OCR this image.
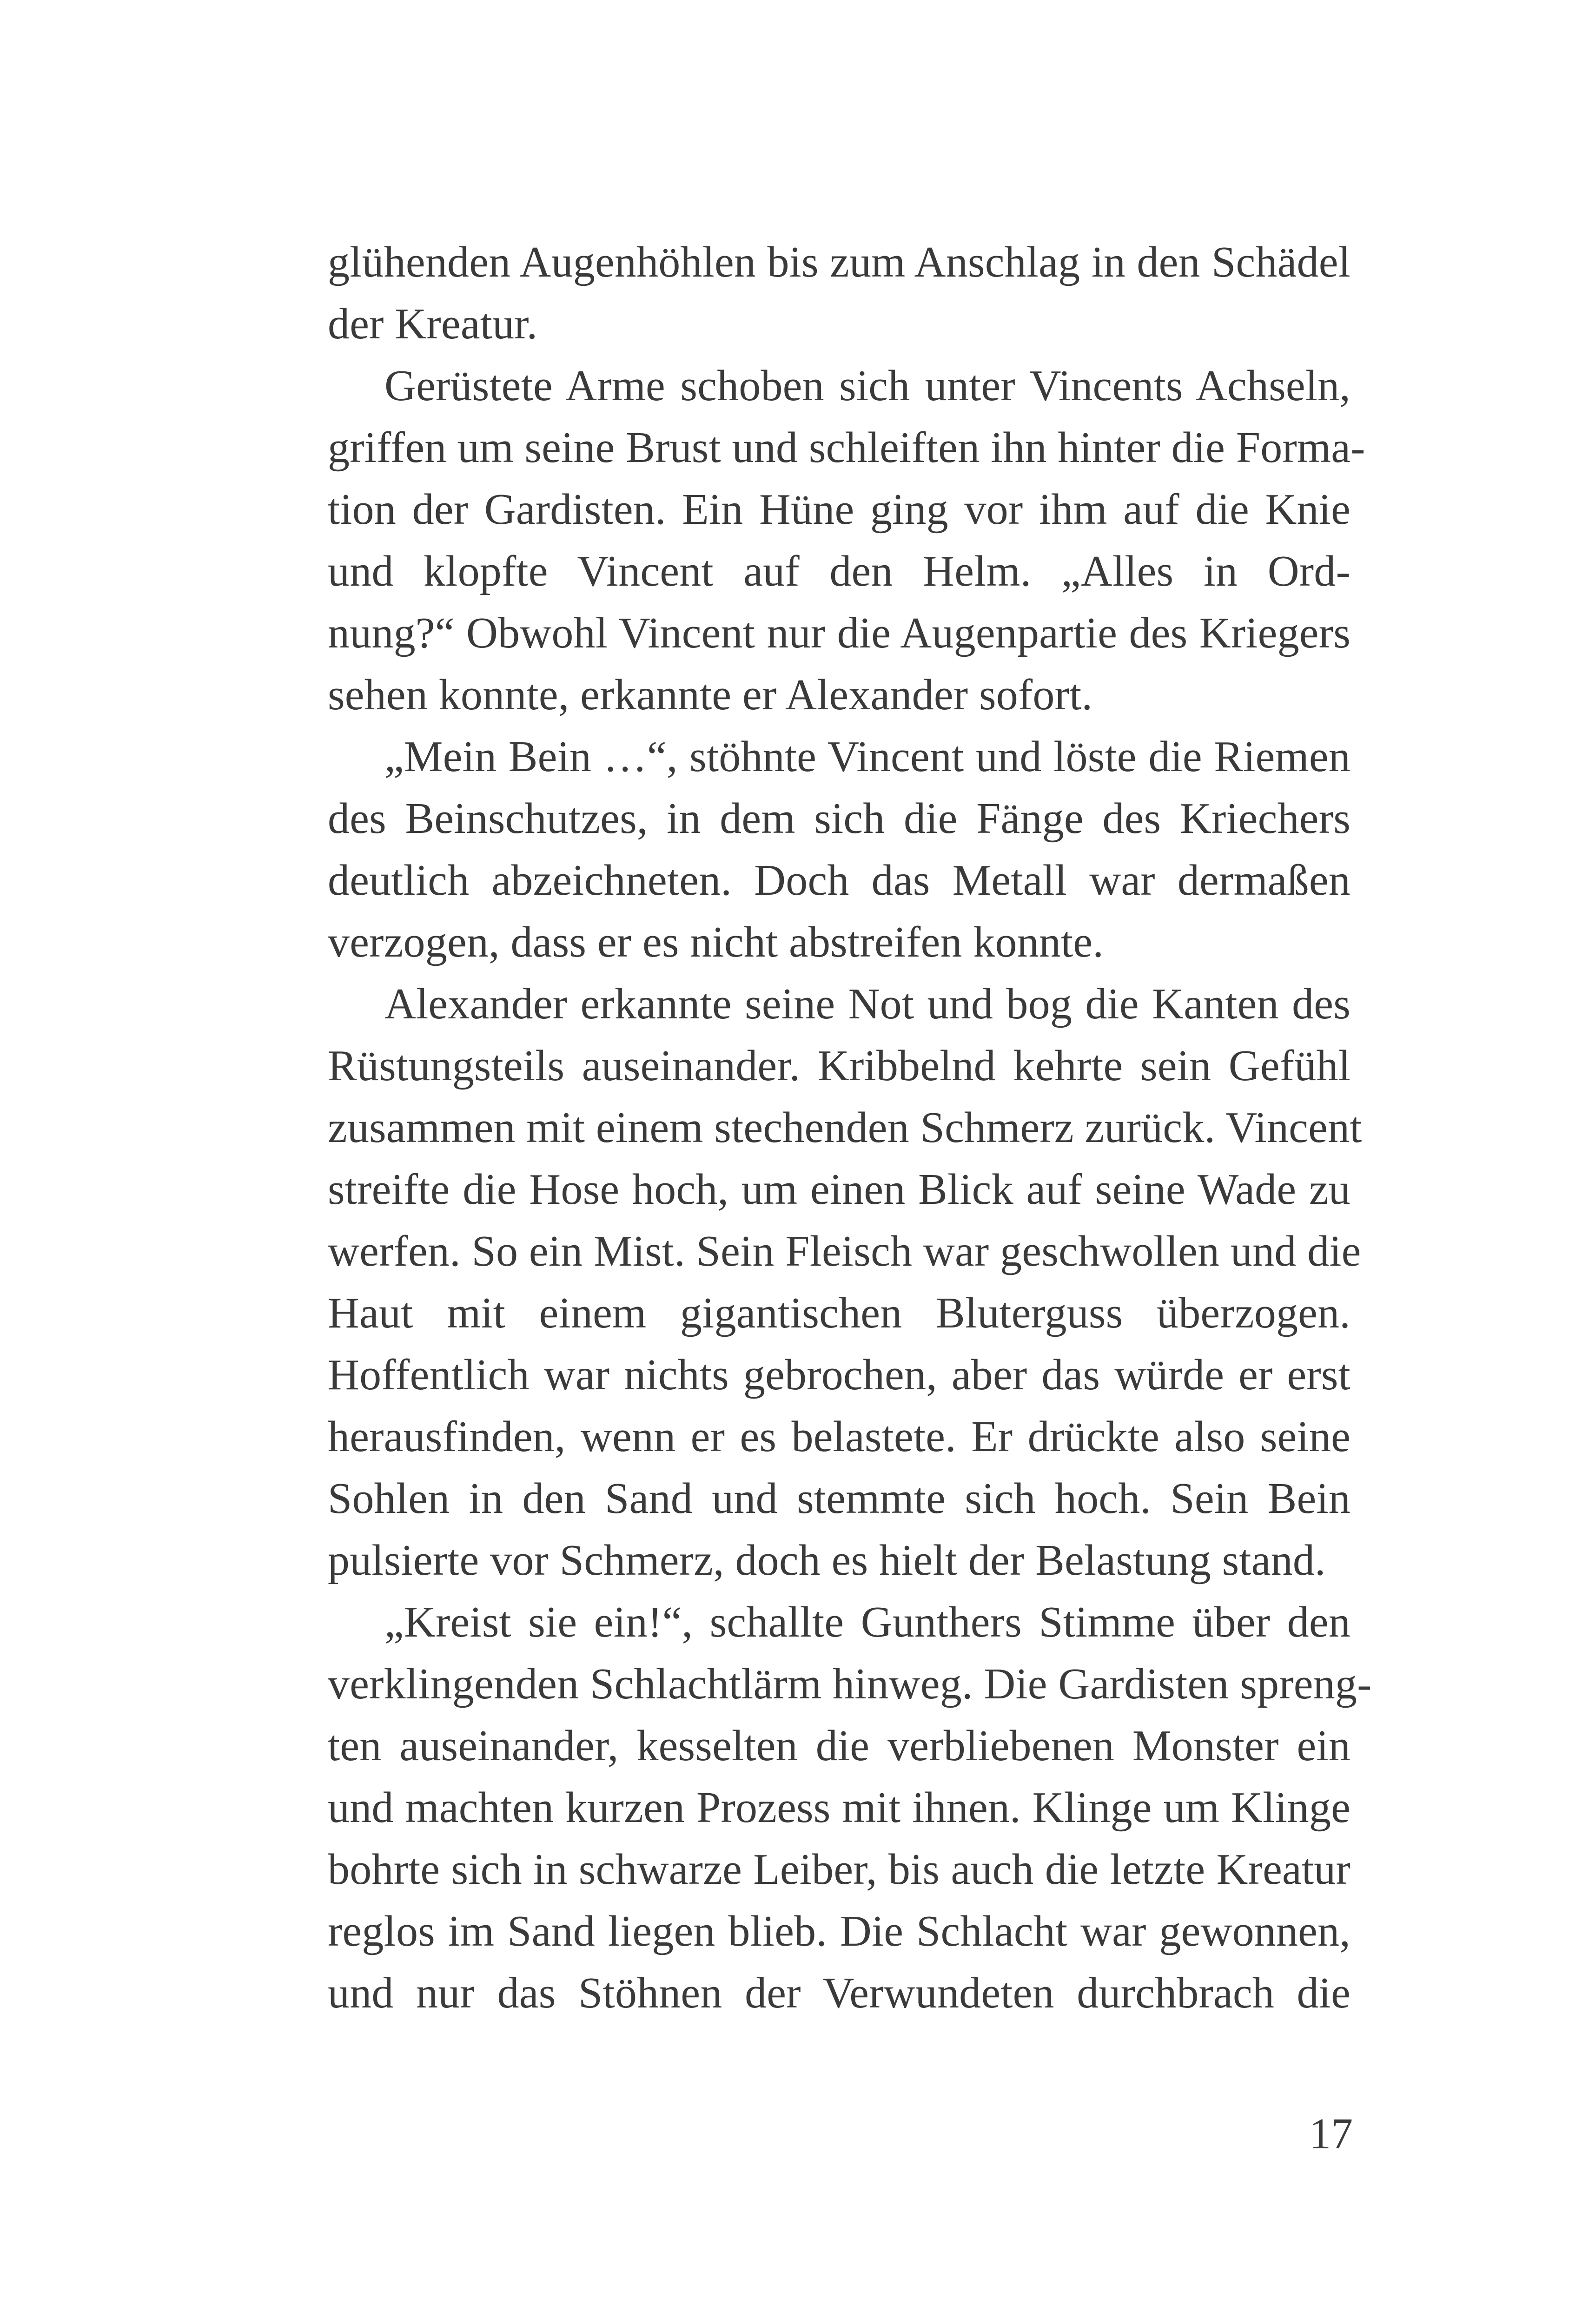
glühenden Augenhöhlen bis zum Anschlag in den Schädel
der Kreatur.
Gerüstete Arme schoben sich unter Vincents Achseln,
griffen um seine Brust und schleiften ihn hinter die Forma-
tion der Gardisten. Ein Hüne ging vor ihm auf die Knie
und klopfte Vincent auf den Helm. „Alles in Ord-
nung?“ Obwohl Vincent nur die Augenpartie des Kriegers
sehen konnte, erkannte er Alexander sofort.
„Mein Bein …“, stöhnte Vincent und löste die Riemen
des Beinschutzes, in dem sich die Fänge des Kriechers
deutlich abzeichneten. Doch das Metall war dermaßen
verzogen, dass er es nicht abstreifen konnte.
Alexander erkannte seine Not und bog die Kanten des
Rüstungsteils auseinander. Kribbelnd kehrte sein Gefühl
zusammen mit einem stechenden Schmerz zurück. Vincent
streifte die Hose hoch, um einen Blick auf seine Wade zu
werfen. So ein Mist. Sein Fleisch war geschwollen und die
Haut mit einem gigantischen Bluterguss überzogen.
Hoffentlich war nichts gebrochen, aber das würde er erst
herausfinden, wenn er es belastete. Er drückte also seine
Sohlen in den Sand und stemmte sich hoch. Sein Bein
pulsierte vor Schmerz, doch es hielt der Belastung stand.
„Kreist sie ein!“, schallte Gunthers Stimme über den
verklingenden Schlachtlärm hinweg. Die Gardisten spreng-
ten auseinander, kesselten die verbliebenen Monster ein
und machten kurzen Prozess mit ihnen. Klinge um Klinge
bohrte sich in schwarze Leiber, bis auch die letzte Kreatur
reglos im Sand liegen blieb. Die Schlacht war gewonnen,
und nur das Stöhnen der Verwundeten durchbrach die
17
